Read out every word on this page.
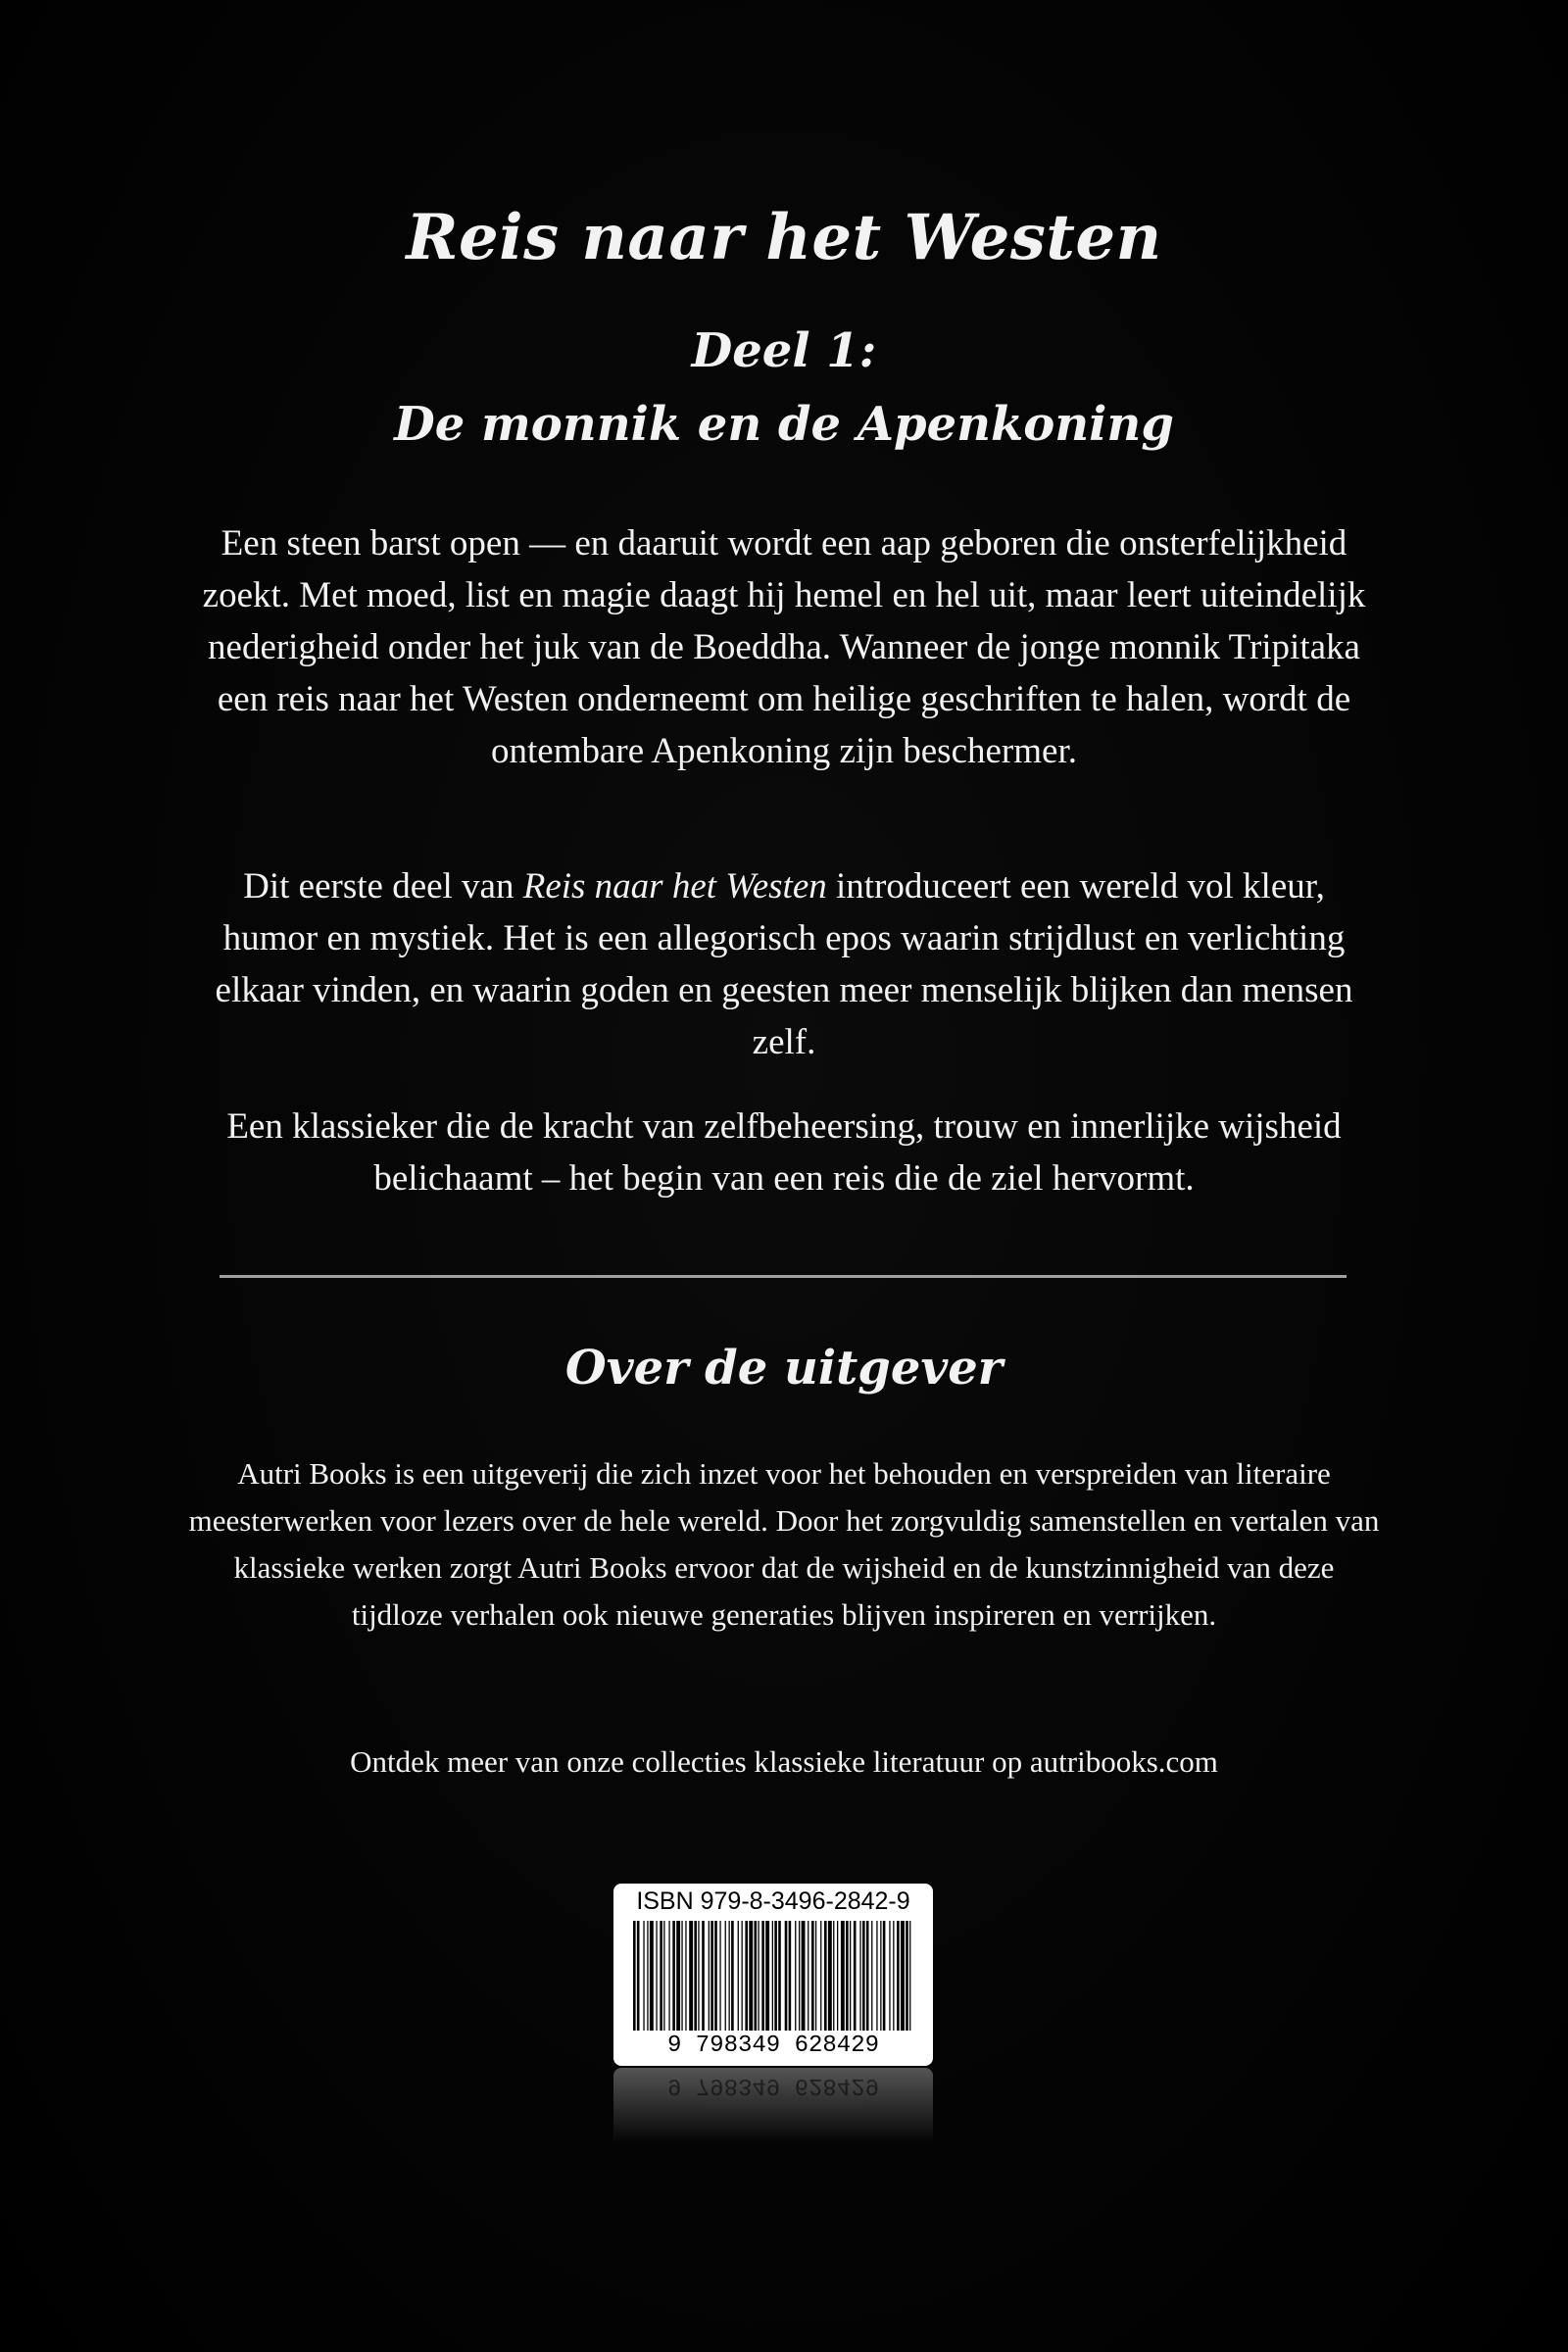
Reis naar het Westen
Deel 1:
De monnik en de Apenkoning

Een steen barst open — en daaruit wordt een aap geboren die onsterfelijkheid zoekt. Met moed, list en magie daagt hij hemel en hel uit, maar leert uiteindelijk nederigheid onder het juk van de Boeddha. Wanneer de jonge monnik Tripitaka een reis naar het Westen onderneemt om heilige geschriften te halen, wordt de ontembare Apenkoning zijn beschermer.

Dit eerste deel van Reis naar het Westen introduceert een wereld vol kleur, humor en mystiek. Het is een allegorisch epos waarin strijdlust en verlichting elkaar vinden, en waarin goden en geesten meer menselijk blijken dan mensen zelf.

Een klassieker die de kracht van zelfbeheersing, trouw en innerlijke wijsheid belichaamt – het begin van een reis die de ziel hervormt.

Over de uitgever

Autri Books is een uitgeverij die zich inzet voor het behouden en verspreiden van literaire meesterwerken voor lezers over de hele wereld. Door het zorgvuldig samenstellen en vertalen van klassieke werken zorgt Autri Books ervoor dat de wijsheid en de kunstzinnigheid van deze tijdloze verhalen ook nieuwe generaties blijven inspireren en verrijken.

Ontdek meer van onze collecties klassieke literatuur op autribooks.com

ISBN 979-8-3496-2842-9
9 798349 628429
9 798349 628429
